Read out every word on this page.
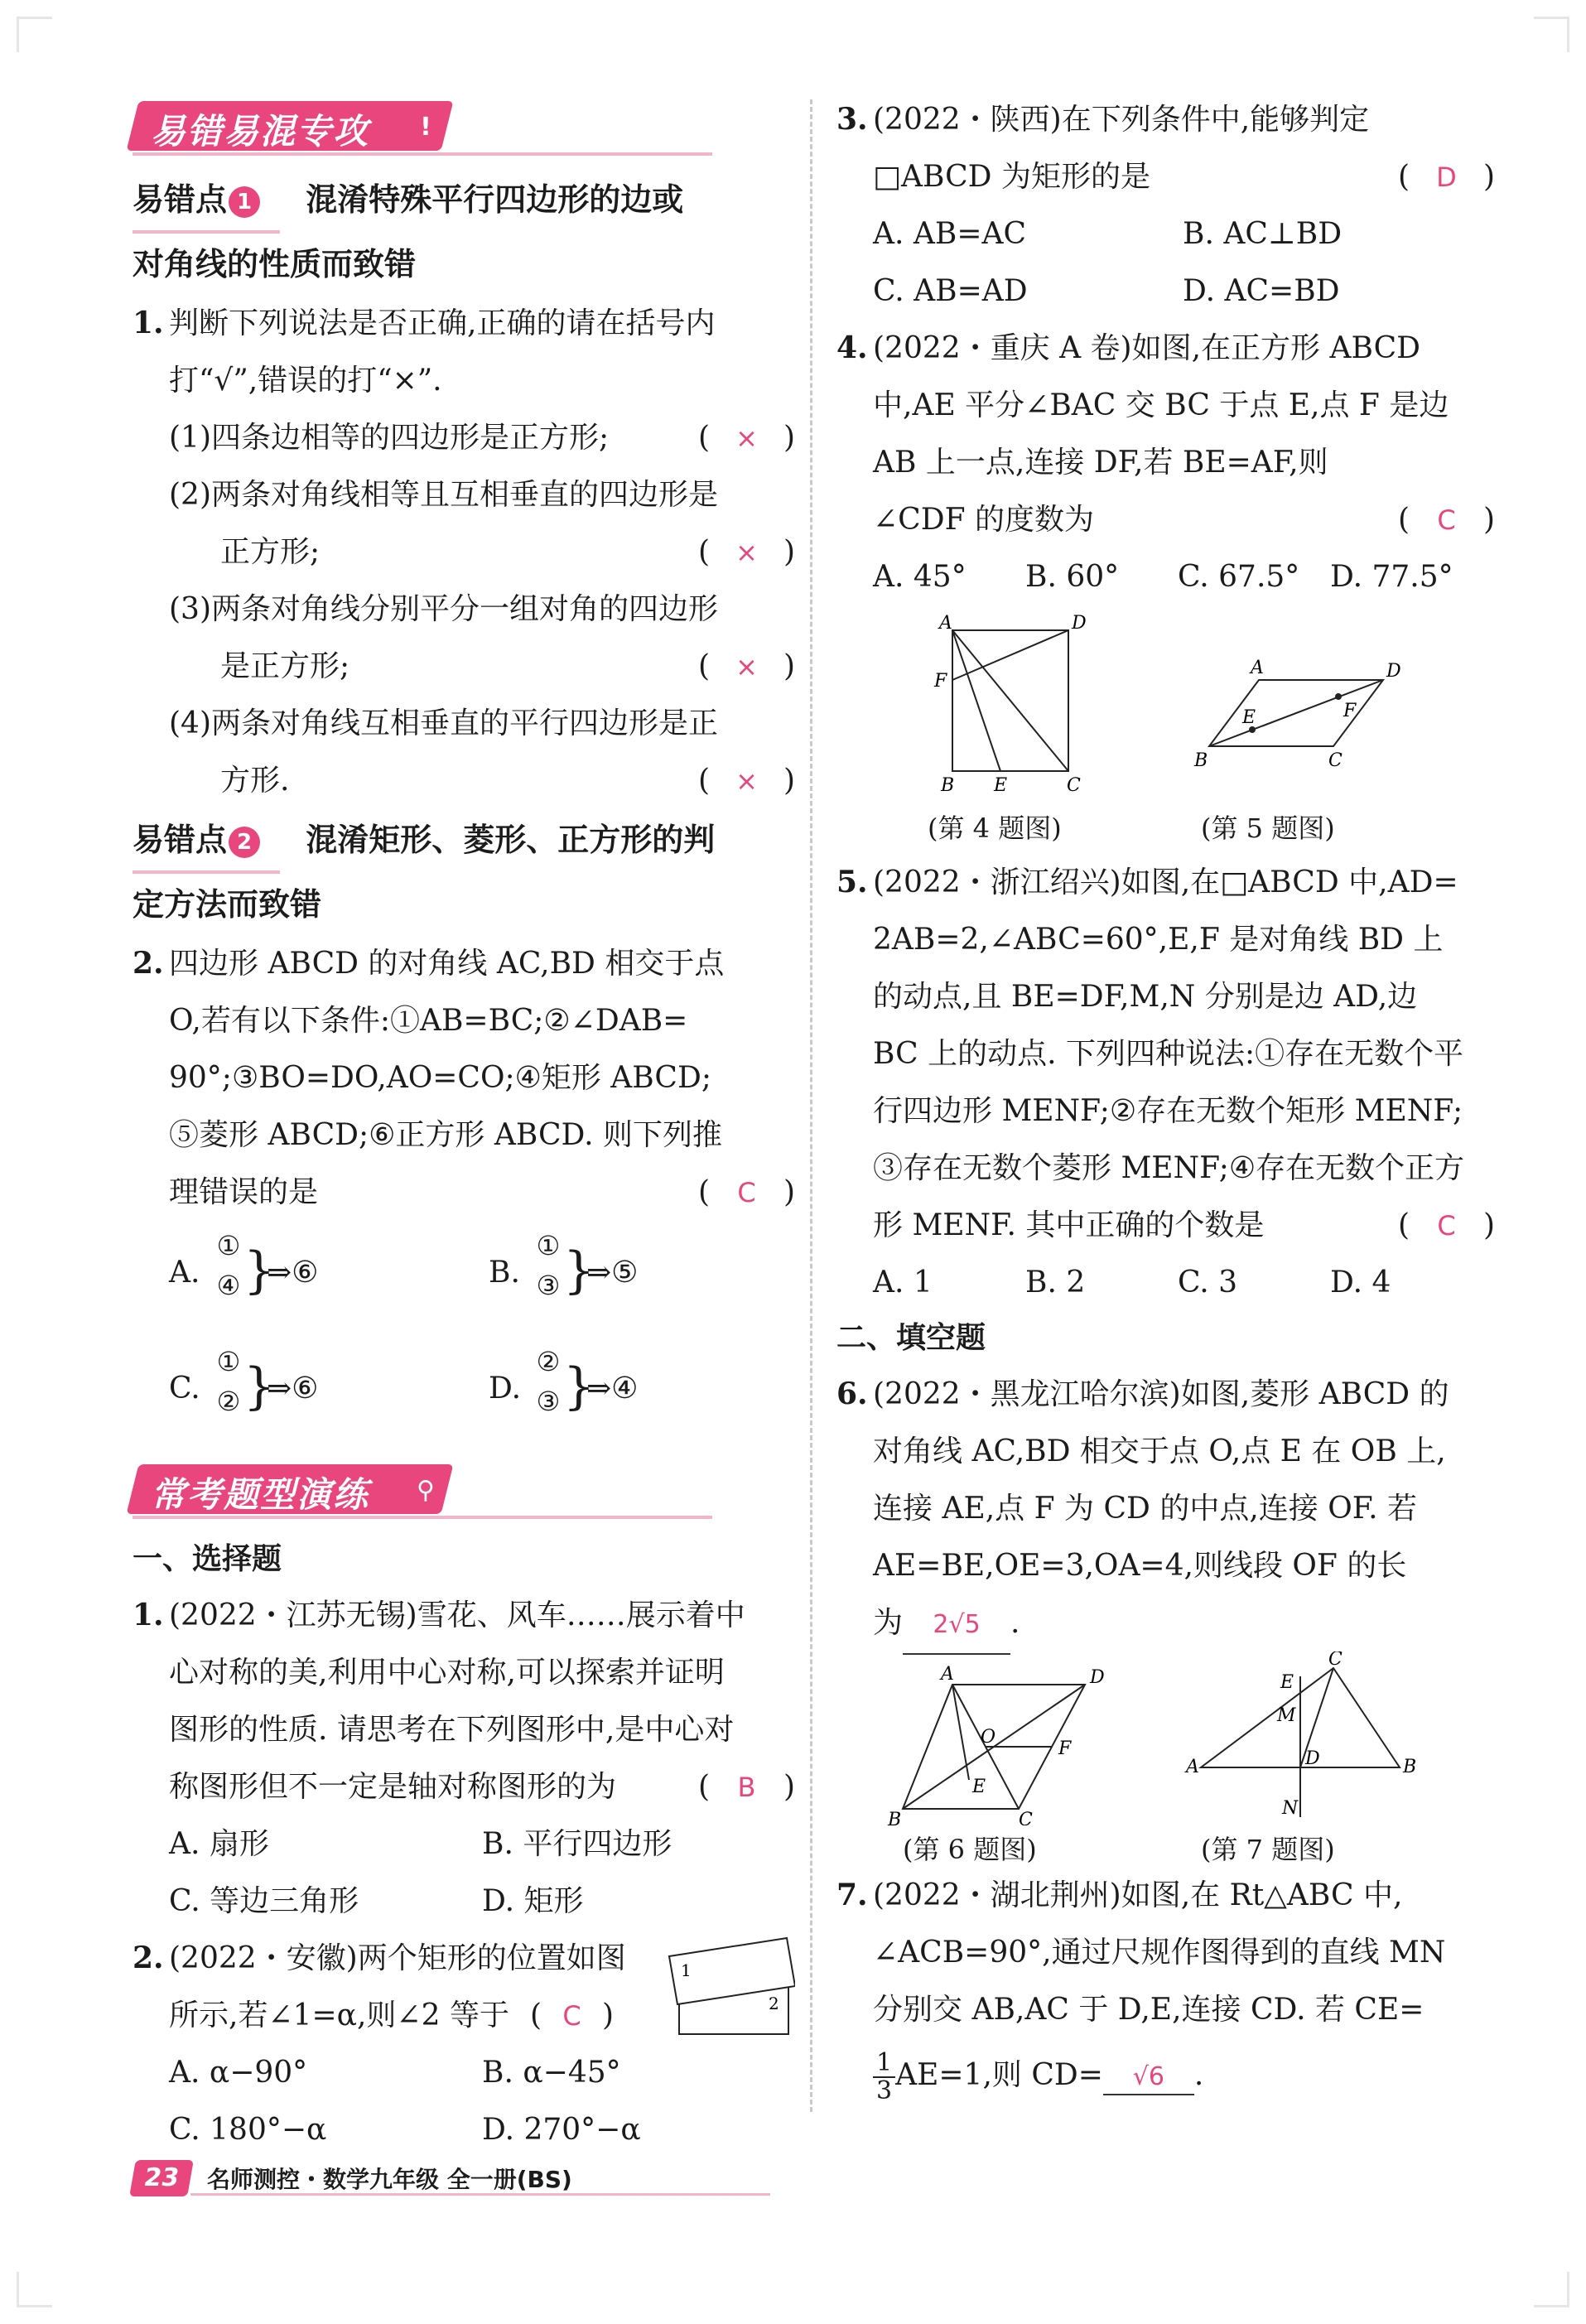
易错易混专攻	!
易错点 1 混淆特殊平行四边形的边或
对角线的性质而致错
1. 判断下列说法是否正确,正确的请在括号内
打“√”,错误的打“×”.
(1)四条边相等的四边形是正方形;	( × )
(2)两条对角线相等且互相垂直的四边形是
正方形;	( × )
(3)两条对角线分别平分一组对角的四边形
是正方形;	( × )
(4)两条对角线互相垂直的平行四边形是正
方形.	( × )
易错点 2 混淆矩形、菱形、正方形的判
定方法而致错
2. 四边形 ABCD 的对角线 AC,BD 相交于点
O,若有以下条件:①AB=BC;②∠DAB=
90°;③BO=DO,AO=CO;④矩形 ABCD;
⑤菱形 ABCD;⑥正方形 ABCD. 则下列推
理错误的是	( C )
A.
①
④ }
⇒⑥	B.
①
③ }
⇒⑤
C.
①
② }
⇒⑥	D.
②
③ }
⇒④
常考题型演练	⚲
一、选择题
1. (2022・江苏无锡)雪花、风车……展示着中
心对称的美,利用中心对称,可以探索并证明
图形的性质. 请思考在下列图形中,是中心对
称图形但不一定是轴对称图形的为	( B )
A. 扇形	B. 平行四边形
C. 等边三角形	D. 矩形
2. (2022・安徽)两个矩形的位置如图	1
2
所示,若∠1=α,则∠2 等于 ( C )
A. α−90°	B. α−45°
C. 180°−α	D. 270°−α
3. (2022・陕西)在下列条件中,能够判定
□ABCD 为矩形的是	( D )
A. AB=AC	B. AC⊥BD
C. AB=AD	D. AC=BD
4. (2022・重庆 A 卷)如图,在正方形 ABCD
中,AE 平分∠BAC 交 BC 于点 E,点 F 是边
AB 上一点,连接 DF,若 BE=AF,则
∠CDF 的度数为	( C )
A. 45°	B. 60°	C. 67.5°	D. 77.5°
A	D
F
B E	C
A	D
E	F
B	C
(第 4 题图)	(第 5 题图)
5. (2022・浙江绍兴)如图,在□ABCD 中,AD=
2AB=2,∠ABC=60°,E,F 是对角线 BD 上
的动点,且 BE=DF,M,N 分别是边 AD,边
BC 上的动点. 下列四种说法:①存在无数个平
行四边形 MENF;②存在无数个矩形 MENF;
③存在无数个菱形 MENF;④存在无数个正方
形 MENF. 其中正确的个数是	( C )
A. 1	B. 2	C. 3	D. 4
二、填空题
6. (2022・黑龙江哈尔滨)如图,菱形 ABCD 的
对角线 AC,BD 相交于点 O,点 E 在 OB 上,
连接 AE,点 F 为 CD 的中点,连接 OF. 若
AE=BE,OE=3,OA=4,则线段 OF 的长
为 2√5 .
A	D
O
F
E
B	C
C
E
M
A	D	B
N
(第 6 题图)	(第 7 题图)
7. (2022・湖北荆州)如图,在 Rt△ABC 中,
∠ACB=90°,通过尺规作图得到的直线 MN
分别交 AB,AC 于 D,E,连接 CD. 若 CE=
$\frac{1}{3} AE=1$,则 CD= √6 .
23	名师测控・数学九年级 全一册(BS)
